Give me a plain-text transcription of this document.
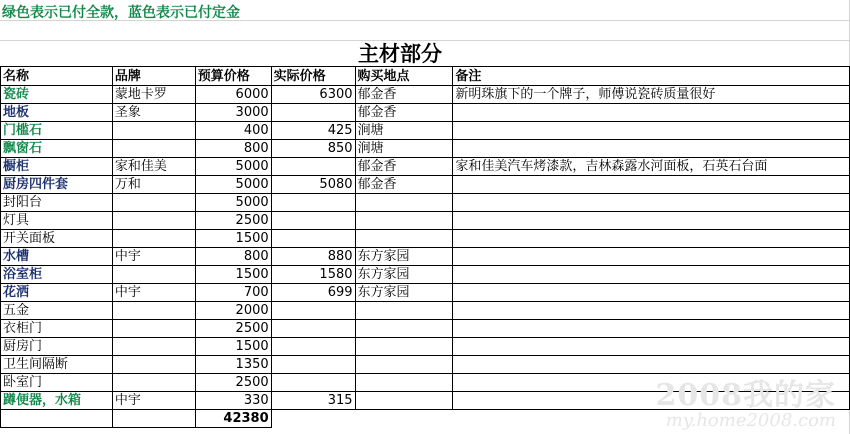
绿色表示已付全款，蓝色表示已付定金
主材部分
名称	品牌	预算价格	实际价格	购买地点	备注
瓷砖	蒙地卡罗	6000	6300	郁金香	新明珠旗下的一个牌子，师傅说瓷砖质量很好
地板	圣象	3000		郁金香	
门槛石		400	425	涧塘	
飘窗石		800	850	涧塘	
橱柜	家和佳美	5000		郁金香	家和佳美汽车烤漆款，吉林森露水河面板，石英石台面
厨房四件套	万和	5000	5080	郁金香	
封阳台		5000			
灯具		2500			
开关面板		1500			
水槽	中宇	800	880	东方家园	
浴室柜		1500	1580	东方家园	
花洒	中宇	700	699	东方家园	
五金		2000			
衣柜门		2500			
厨房门		1500			
卫生间隔断		1350			
卧室门		2500			
蹲便器，水箱	中宇	330	315		
		42380			
2008我的家
my.home2008.com
